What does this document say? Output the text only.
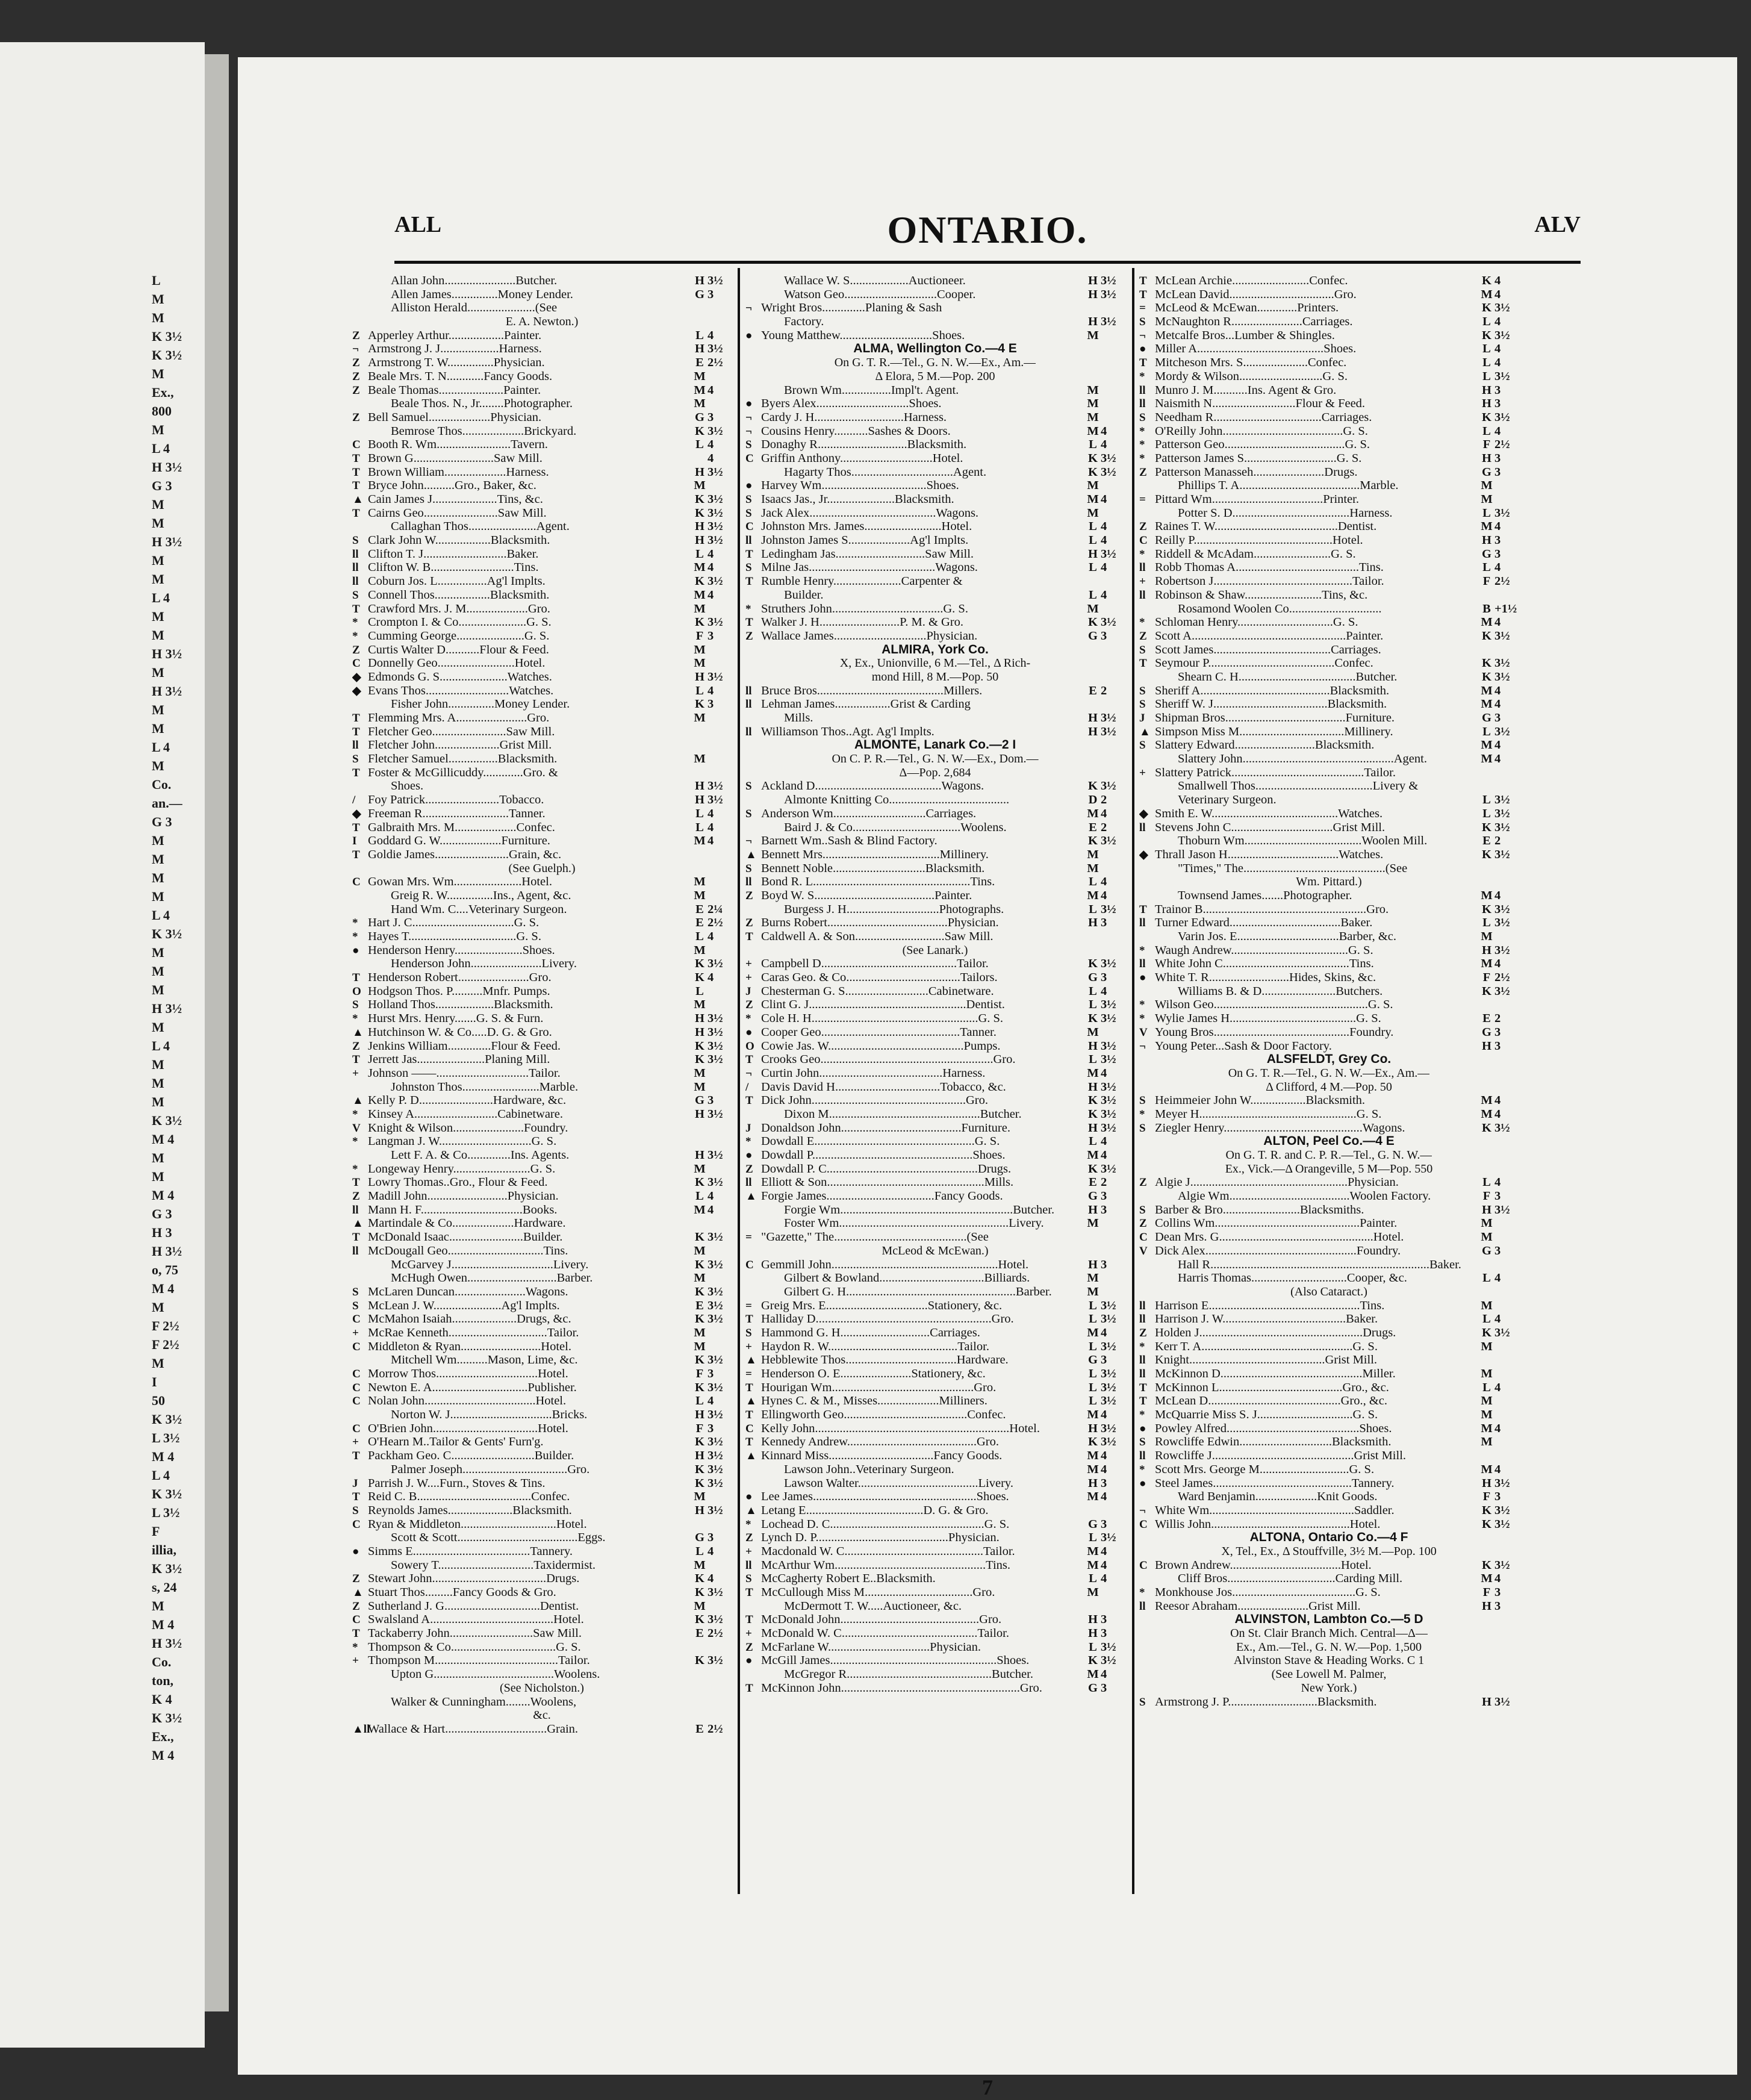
L
M
M
K 3½
K 3½
M
Ex.,
800
M
L 4
H 3½
G 3
M
M
H 3½
M
M
L 4
M
M
H 3½
M
H 3½
M
M
L 4
M
Co.
an.—
G 3
M
M
M
M
L 4
K 3½
M
M
M
H 3½
M
L 4
M
M
M
K 3½
M 4
M
M
M 4
G 3
H 3
H 3½
o, 75
M 4
M
F 2½
F 2½
M
I
50
K 3½
L 3½
M 4
L 4
K 3½
L 3½
F
illia,
K 3½
s, 24
M
M 4
H 3½
Co.
ton,
K 4
K 3½
Ex.,
M 4
ALL	ONTARIO.	ALV
Allan John.......................Butcher.	H 3½
Allen James...............Money Lender.	G 3
Alliston Herald......................(See
E. A. Newton.)
Z Apperley Arthur..................Painter.	L 4
¬ Armstrong J. J...................Harness.	H 3½
Z Armstrong T. W...............Physician.	E 2½
Z Beale Mrs. T. N............Fancy Goods.	M
Z Beale Thomas.....................Painter.	M 4
Beale Thos. N., Jr........Photographer.	M
Z Bell Samuel....................Physician.	G 3
Bemrose Thos....................Brickyard.	K 3½
C Booth R. Wm........................Tavern.	L 4
T Brown G..........................Saw Mill.	4
T Brown William....................Harness.	H 3½
T Bryce John..........Gro., Baker, &c.	M
▲ Cain James J.....................Tins, &c.	K 3½
T Cairns Geo........................Saw Mill.	K 3½
Callaghan Thos......................Agent.	H 3½
S Clark John W..................Blacksmith.	H 3½
ll Clifton T. J...........................Baker.	L 4
ll Clifton W. B...........................Tins.	M 4
ll Coburn Jos. L................Ag'l Implts.	K 3½
S Connell Thos..................Blacksmith.	M 4
T Crawford Mrs. J. M....................Gro.	M
* Crompton I. & Co......................G. S.	K 3½
* Cumming George......................G. S.	F 3
Z Curtis Walter D...........Flour & Feed.	M
C Donnelly Geo.........................Hotel.	M
◆ Edmonds G. S......................Watches.	H 3½
◆ Evans Thos...........................Watches.	L 4
Fisher John...............Money Lender.	K 3
T Flemming Mrs. A.......................Gro.	M
T Fletcher Geo........................Saw Mill.
ll Fletcher John.....................Grist Mill.
S Fletcher Samuel................Blacksmith.	M
T Foster & McGillicuddy.............Gro. &
Shoes.	H 3½
/	Foy Patrick........................Tobacco.	H 3½
◆ Freeman R............................Tanner.	L 4
T Galbraith Mrs. M....................Confec.	L 4
I Goddard G. W....................Furniture.	M 4
T Goldie James........................Grain, &c.
(See Guelph.)
C Gowan Mrs. Wm......................Hotel.	M
Greig R. W...............Ins., Agent, &c.	M
Hand Wm. C....Veterinary Surgeon.	E 2¼
* Hart J. C.................................G. S.	E 2½
* Hayes T...................................G. S.	L 4
● Henderson Henry......................Shoes.	M
Henderson John.......................Livery.	K 3½
T Henderson Robert.......................Gro.	K 4
O Hodgson Thos. P..........Mnfr. Pumps.	L
S Holland Thos...................Blacksmith.	M
* Hurst Mrs. Henry.......G. S. & Furn.	H 3½
▲ Hutchinson W. & Co.....D. G. & Gro.	H 3½
Z Jenkins William..............Flour & Feed.	K 3½
T Jerrett Jas......................Planing Mill.	K 3½
+ Johnson ——..............................Tailor.	M
Johnston Thos.........................Marble.	M
▲ Kelly P. D........................Hardware, &c.	G 3
* Kinsey A...........................Cabinetware.	H 3½
V Knight & Wilson.......................Foundry.
* Langman J. W..............................G. S.
Lett F. A. & Co..............Ins. Agents.	H 3½
* Longeway Henry.........................G. S.	M
T Lowry Thomas..Gro., Flour & Feed.	K 3½
Z Madill John..........................Physician.	L 4
ll Mann H. F.................................Books.	M 4
▲ Martindale & Co....................Hardware.
T McDonald Isaac........................Builder.	K 3½
ll McDougall Geo...............................Tins.	M
McGarvey J.................................Livery.	K 3½
McHugh Owen.............................Barber.	M
S McLaren Duncan.......................Wagons.	K 3½
S McLean J. W......................Ag'l Implts.	E 3½
C McMahon Isaiah.....................Drugs, &c.	K 3½
+ McRae Kenneth................................Tailor.	M
C Middleton & Ryan..........................Hotel.	M
Mitchell Wm..........Mason, Lime, &c.	K 3½
C Morrow Thos.................................Hotel.	F 3
C Newton E. A...............................Publisher.	K 3½
C Nolan John....................................Hotel.	L 4
Norton W. J.................................Bricks.	H 3½
C O'Brien John..................................Hotel.	F 3
+ O'Hearn M..Tailor & Gents' Furn'g.	K 3½
T Packham Geo. C...........................Builder.	H 3½
Palmer Joseph..................................Gro.	K 3½
J Parrish J. W....Furn., Stoves & Tins.	K 3½
T Reid C. B.....................................Confec.	M
S Reynolds James.....................Blacksmith.	H 3½
C Ryan & Middleton...............................Hotel.
Scott & Scott.......................................Eggs.	G 3
● Simms E......................................Tannery.	L 4
Sowery T...............................Taxidermist.	M
Z Stewart John.....................................Drugs.	K 4
▲ Stuart Thos.........Fancy Goods & Gro.	K 3½
Z Sutherland J. G...............................Dentist.	M
C Swalsland A........................................Hotel.	K 3½
T Tackaberry John...........................Saw Mill.	E 2½
* Thompson & Co..................................G. S.
+ Thompson M........................................Tailor.	K 3½
Upton G.......................................Woolens.
(See Nicholston.)
Walker & Cunningham........Woolens,
&c.
▲ll
Wallace & Hart.................................Grain.	E 2½
Wallace W. S...................Auctioneer.	H 3½
Watson Geo..............................Cooper.	H 3½
¬ Wright Bros..............Planing & Sash
Factory.	H 3½
● Young Matthew..............................Shoes.	M
ALMA, Wellington Co.—4 E
On G. T. R.—Tel., G. N. W.—Ex., Am.—
Δ Elora, 5 M.—Pop. 200
Brown Wm................Impl't. Agent.	M
● Byers Alex..............................Shoes.	M
¬ Cardy J. H.............................Harness.	M
¬ Cousins Henry...........Sashes & Doors.	M 4
S Donaghy R.............................Blacksmith.	L 4
C Griffin Anthony..............................Hotel.	K 3½
Hagarty Thos.................................Agent.	K 3½
● Harvey Wm..................................Shoes.	M
S Isaacs Jas., Jr......................Blacksmith.	M 4
S Jack Alex.........................................Wagons.	M
C Johnston Mrs. James.........................Hotel.	L 4
ll Johnston James S....................Ag'l Implts.	L 4
T Ledingham Jas.............................Saw Mill.	H 3½
S Milne Jas.........................................Wagons.	L 4
T Rumble Henry......................Carpenter &
Builder.	L 4
* Struthers John....................................G. S.	M
T Walker J. H..........................P. M. & Gro.	K 3½
Z Wallace James..............................Physician.	G 3
ALMIRA, York Co.
X, Ex., Unionville, 6 M.—Tel., Δ Rich-
mond Hill, 8 M.—Pop. 50
ll Bruce Bros.........................................Millers.	E 2
ll Lehman James..................Grist & Carding
Mills.	H 3½
ll Williamson Thos..Agt. Ag'l Implts.	H 3½
ALMONTE, Lanark Co.—2 I
On C. P. R.—Tel., G. N. W.—Ex., Dom.—
Δ—Pop. 2,684
S Ackland D.........................................Wagons.	K 3½
Almonte Knitting Co.......................................	D 2
S Anderson Wm..............................Carriages.	M 4
Baird J. & Co...................................Woolens.	E 2
¬ Barnett Wm..Sash & Blind Factory.	K 3½
▲ Bennett Mrs......................................Millinery.	M
S Bennett Noble..............................Blacksmith.	M
ll Bond R. L...................................................Tins.	L 4
Z Boyd W. S.......................................Painter.	M 4
Burgess J. H..............................Photographs.	L 3½
Z Burns Robert.......................................Physician.	H 3
T Caldwell A. & Son.............................Saw Mill.
(See Lanark.)
+ Campbell D............................................Tailor.	K 3½
+ Caras Geo. & Co.....................................Tailors.	G 3
J Chesterman G. S...........................Cabinetware.	L 4
Z Clint G. J...................................................Dentist.	L 3½
* Cole H. H......................................................G. S.	K 3½
● Cooper Geo.............................................Tanner.	M
O Cowie Jas. W............................................Pumps.	H 3½
T Crooks Geo........................................................Gro.	L 3½
¬ Curtin John........................................Harness.	M 4
/	Davis David H..................................Tobacco, &c.	H 3½
T Dick John..................................................Gro.	K 3½
Dixon M.................................................Butcher.	K 3½
J Donaldson John.......................................Furniture.	H 3½
* Dowdall E....................................................G. S.	L 4
● Dowdall P....................................................Shoes.	M 4
Z Dowdall P. C.................................................Drugs.	K 3½
ll Elliott & Son...................................................Mills.	E 2
▲ Forgie James...................................Fancy Goods.	G 3
Forgie Wm........................................................Butcher.	H 3
Foster Wm.......................................................Livery.	M
= "Gazette," The...........................................(See
McLeod & McEwan.)
C Gemmill John......................................................Hotel.	H 3
Gilbert & Bowland..................................Billiards.	M
Gilbert G. H.......................................................Barber.	M
= Greig Mrs. E.................................Stationery, &c.	L 3½
T Halliday D.........................................................Gro.	L 3½
S Hammond G. H.............................Carriages.	M 4
+ Haydon R. W..........................................Tailor.	L 3½
▲ Hebblewite Thos....................................Hardware.	G 3
= Henderson O. E.......................Stationery, &c.	L 3½
T Hourigan Wm..............................................Gro.	L 3½
▲ Hynes C. & M., Misses....................Milliners.	L 3½
T Ellingworth Geo........................................Confec.	M 4
C Kelly John...............................................................Hotel.	H 3½
T Kennedy Andrew..........................................Gro.	K 3½
▲ Kinnard Miss..................................Fancy Goods.	M 4
Lawson John..Veterinary Surgeon.	M 4
Lawson Walter.......................................Livery.	H 3
● Lee James.....................................................Shoes.	M 4
▲ Letang E......................................D. G. & Gro.
* Lochead D. C..................................................G. S.	G 3
Z Lynch D. P...........................................Physician.	L 3½
+ Macdonald W. C.............................................Tailor.	M 4
ll McArthur Wm.................................................Tins.	M 4
S McCagherty Robert E..Blacksmith.	L 4
T McCullough Miss M...................................Gro.	M
McDermott T. W.....Auctioneer, &c.
T McDonald John.............................................Gro.	H 3
+ McDonald W. C............................................Tailor.	H 3
Z McFarlane W.................................Physician.	L 3½
● McGill James......................................................Shoes.	K 3½
McGregor R...............................................Butcher.	M 4
T McKinnon John..........................................................Gro.	G 3
T McLean Archie.........................Confec.	K 4
T McLean David..................................Gro.	M 4
= McLeod & McEwan.............Printers.	K 3½
S McNaughton R.......................Carriages.	L 4
¬ Metcalfe Bros...Lumber & Shingles.	K 3½
● Miller A.........................................Shoes.	L 4
T Mitcheson Mrs. S.....................Confec.	L 4
* Mordy & Wilson...........................G. S.	L 3½
ll Munro J. M...........Ins. Agent & Gro.	H 3
ll Naismith N...........................Flour & Feed.	H 3
S Needham R...................................Carriages.	K 3½
* O'Reilly John.......................................G. S.	L 4
* Patterson Geo.......................................G. S.	F 2½
* Patterson James S..............................G. S.	H 3
Z Patterson Manasseh.......................Drugs.	G 3
Phillips T. A.......................................Marble.	M
= Pittard Wm....................................Printer.	M
Potter S. D......................................Harness.	L 3½
Z Raines T. W........................................Dentist.	M 4
C Reilly P.............................................Hotel.	H 3
* Riddell & McAdam.........................G. S.	G 3
ll Robb Thomas A........................................Tins.	L 4
+ Robertson J.............................................Tailor.	F 2½
ll Robinson & Shaw.........................Tins, &c.
Rosamond Woolen Co..............................	B +1½
* Schloman Henry...............................G. S.	M 4
Z Scott A..................................................Painter.	K 3½
S Scott James......................................Carriages.
T Seymour P.........................................Confec.	K 3½
Shearn C. H......................................Butcher.	K 3½
S Sheriff A..........................................Blacksmith.	M 4
S Sheriff W. J.....................................Blacksmith.	M 4
J Shipman Bros.......................................Furniture.	G 3
▲ Simpson Miss M..................................Millinery.	L 3½
S Slattery Edward..........................Blacksmith.	M 4
Slattery John.................................................Agent.	M 4
+ Slattery Patrick...........................................Tailor.
Smallwell Thos......................................Livery &
Veterinary Surgeon.	L 3½
◆ Smith E. W.........................................Watches.	L 3½
ll Stevens John C.................................Grist Mill.	K 3½
Thoburn Wm......................................Woolen Mill.	E 2
◆ Thrall Jason H....................................Watches.	K 3½
"Times," The..............................................(See
Wm. Pittard.)
Townsend James.......Photographer.	M 4
T Trainor B.....................................................Gro.	K 3½
ll Turner Edward....................................Baker.	L 3½
Varin Jos. E.................................Barber, &c.	M
* Waugh Andrew......................................G. S.	H 3½
ll White John C.........................................Tins.	M 4
● White T. R..........................Hides, Skins, &c.	F 2½
Williams B. & D........................Butchers.	K 3½
* Wilson Geo..................................................G. S.
* Wylie James H.........................................G. S.	E 2
V Young Bros............................................Foundry.	G 3
¬ Young Peter...Sash & Door Factory.	H 3
ALSFELDT, Grey Co.
On G. T. R.—Tel., G. N. W.—Ex., Am.—
Δ Clifford, 4 M.—Pop. 50
S Heimmeier John W..................Blacksmith.	M 4
* Meyer H...................................................G. S.	M 4
S Ziegler Henry.............................................Wagons.	K 3½
ALTON, Peel Co.—4 E
On G. T. R. and C. P. R.—Tel., G. N. W.—
Ex., Vick.—Δ Orangeville, 5 M—Pop. 550
Z Algie J...................................................Physician.	L 4
Algie Wm.......................................Woolen Factory.	F 3
S Barber & Bro.........................Blacksmiths.	H 3½
Z Collins Wm...............................................Painter.	M
C Dean Mrs. G..................................................Hotel.	M
V Dick Alex.................................................Foundry.	G 3
Hall R.......................................................................Baker.
Harris Thomas...............................Cooper, &c.	L 4
(Also Cataract.)
ll Harrison E.................................................Tins.	M
ll Harrison J. W........................................Baker.	L 4
Z Holden J.....................................................Drugs.	K 3½
* Kerr T. A.................................................G. S.	M
ll Knight............................................Grist Mill.
ll McKinnon D..............................................Miller.	M
T McKinnon L........................................Gro., &c.	L 4
T McLean D...........................................Gro., &c.	M
* McQuarrie Miss S. J...............................G. S.	M
● Powley Alfred...........................................Shoes.	M 4
S Rowcliffe Edwin..............................Blacksmith.	M
ll Rowcliffe J..............................................Grist Mill.
* Scott Mrs. George M.............................G. S.	M 4
● Steel James.............................................Tannery.	H 3½
Ward Benjamin....................Knit Goods.	F 3
¬ White Wm...............................................Saddler.	K 3½
C Willis John.............................................Hotel.	K 3½
ALTONA, Ontario Co.—4 F
X, Tel., Ex., Δ Stouffville, 3½ M.—Pop. 100
C Brown Andrew....................................Hotel.	K 3½
Cliff Bros...................................Carding Mill.	M 4
* Monkhouse Jos........................................G. S.	F 3
ll Reesor Abraham.......................Grist Mill.	H 3
ALVINSTON, Lambton Co.—5 D
On St. Clair Branch Mich. Central—Δ—
Ex., Am.—Tel., G. N. W.—Pop. 1,500
Alvinston Stave & Heading Works. C 1
(See Lowell M. Palmer,
New York.)
S Armstrong J. P.............................Blacksmith.	H 3½
7
